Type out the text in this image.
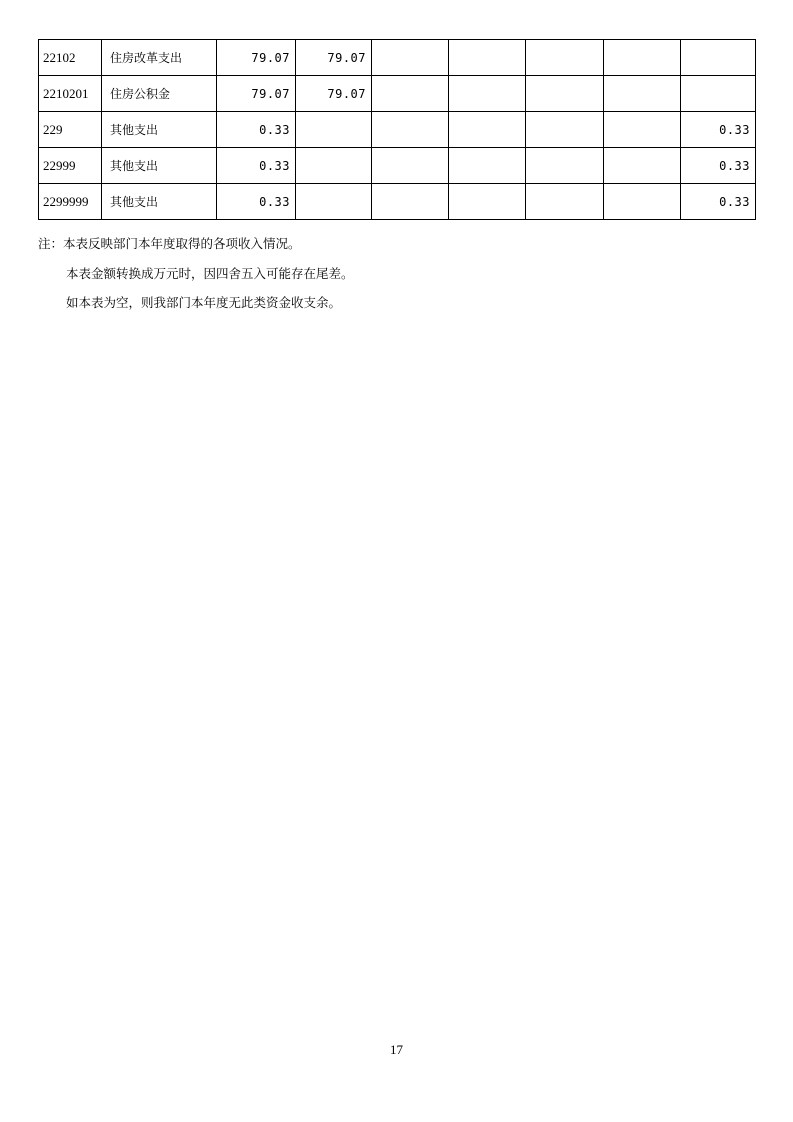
22102	住房改革支出	79.07	79.07					
2210201	住房公积金	79.07	79.07					
229	其他支出	0.33						0.33
22999	其他支出	0.33						0.33
2299999	其他支出	0.33						0.33

注：本表反映部门本年度取得的各项收入情况。

本表金额转换成万元时，因四舍五入可能存在尾差。

如本表为空，则我部门本年度无此类资金收支余。

17
